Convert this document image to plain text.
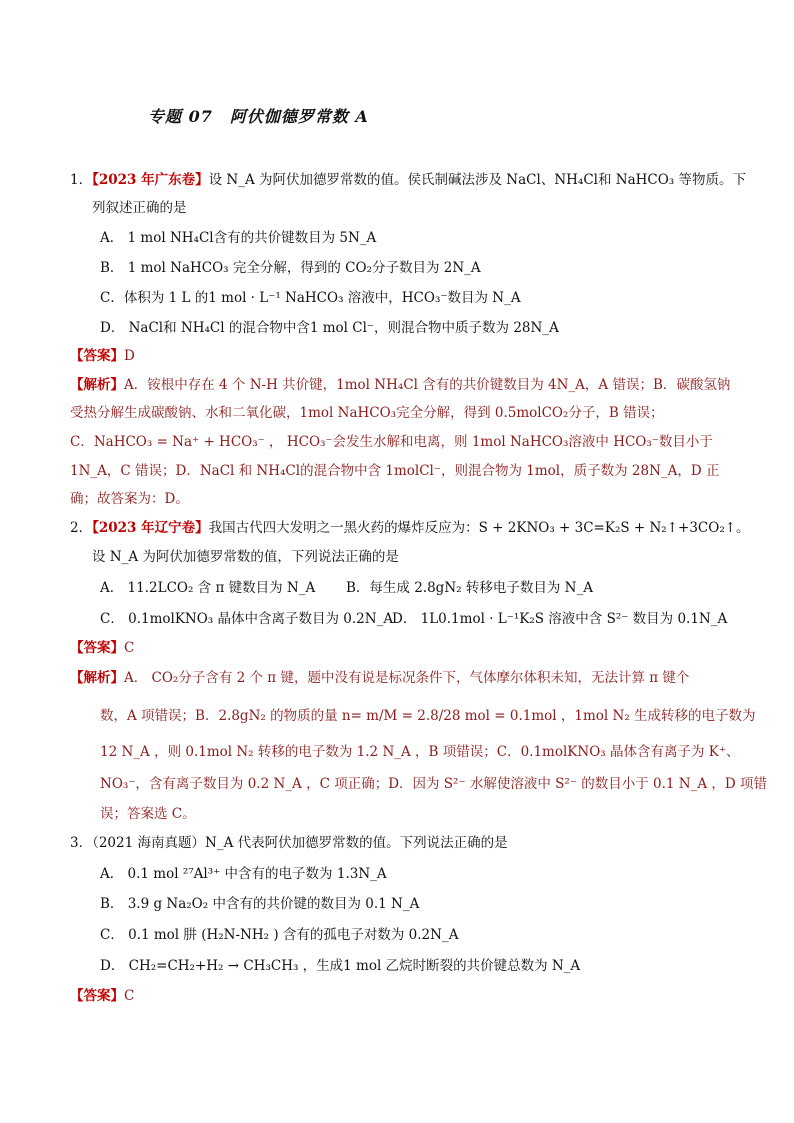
专题 07　阿伏伽德罗常数 A
1．【2023 年广东卷】设 N_A 为阿伏加德罗常数的值。侯氏制碱法涉及 NaCl、NH₄Cl和 NaHCO₃ 等物质。下
列叙述正确的是
A． 1 mol NH₄Cl含有的共价键数目为 5N_A
B． 1 mol NaHCO₃ 完全分解，得到的 CO₂分子数目为 2N_A
C．体积为 1 L 的1 mol · L⁻¹ NaHCO₃ 溶液中，HCO₃⁻数目为 N_A
D． NaCl和 NH₄Cl 的混合物中含1 mol Cl⁻，则混合物中质子数为 28N_A
【答案】D
【解析】A．铵根中存在 4 个 N-H 共价键，1mol NH₄Cl 含有的共价键数目为 4N_A，A 错误；B．碳酸氢钠
受热分解生成碳酸钠、水和二氧化碳，1mol NaHCO₃完全分解，得到 0.5molCO₂分子，B 错误；
C．NaHCO₃ = Na⁺ + HCO₃⁻ ， HCO₃⁻会发生水解和电离，则 1mol NaHCO₃溶液中 HCO₃⁻数目小于
1N_A，C 错误；D．NaCl 和 NH₄Cl的混合物中含 1molCl⁻，则混合物为 1mol，质子数为 28N_A，D 正
确；故答案为：D。
2．【2023 年辽宁卷】我国古代四大发明之一黑火药的爆炸反应为：S + 2KNO₃ + 3C=K₂S + N₂↑+3CO₂↑。
设 N_A 为阿伏加德罗常数的值，下列说法正确的是
A． 11.2LCO₂ 含 π 键数目为 N_A B．每生成 2.8gN₂ 转移电子数目为 N_A
C． 0.1molKNO₃ 晶体中含离子数目为 0.2N_A
D． 1L0.1mol · L⁻¹K₂S 溶液中含 S²⁻ 数目为 0.1N_A
【答案】C
【解析】A． CO₂分子含有 2 个 π 键，题中没有说是标况条件下，气体摩尔体积未知，无法计算 π 键个
数，A 项错误；B．2.8gN₂ 的物质的量 n= m/M = 2.8/28 mol = 0.1mol ，1mol N₂ 生成转移的电子数为
12 N_A ，则 0.1mol N₂ 转移的电子数为 1.2 N_A ，B 项错误；C．0.1molKNO₃ 晶体含有离子为 K⁺、
NO₃⁻，含有离子数目为 0.2 N_A ，C 项正确；D．因为 S²⁻ 水解使溶液中 S²⁻ 的数目小于 0.1 N_A ，D 项错
误；答案选 C。
3．（2021 海南真题）N_A 代表阿伏加德罗常数的值。下列说法正确的是
A． 0.1 mol ²⁷Al³⁺ 中含有的电子数为 1.3N_A
B． 3.9 g Na₂O₂ 中含有的共价键的数目为 0.1 N_A
C． 0.1 mol 肼 (H₂N-NH₂ ) 含有的孤电子对数为 0.2N_A
D． CH₂=CH₂+H₂ → CH₃CH₃ ，生成1 mol 乙烷时断裂的共价键总数为 N_A
【答案】C
